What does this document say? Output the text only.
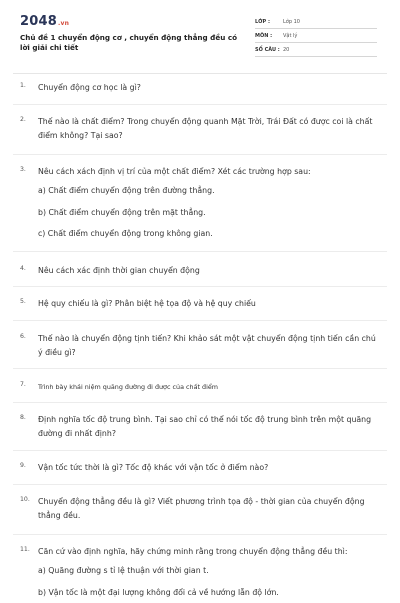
2048.vn
Chủ đề 1 chuyển động cơ , chuyển động thẳng đều có lời giải chi tiết
LỚP :	Lớp 10
MÔN : Vật lý
SỐ CÂU : 20
1. Chuyển động cơ học là gì?
2. Thế nào là chất điểm? Trong chuyển động quanh Mặt Trời, Trái Đất có được coi là chất điểm không? Tại sao?
3. Nêu cách xách định vị trí của một chất điểm? Xét các trường hợp sau:
a) Chất điểm chuyển động trên đường thẳng.
b) Chất điểm chuyển động trên mặt thẳng.
c) Chất điểm chuyển động trong không gian.
4. Nêu cách xác định thời gian chuyển động
5. Hệ quy chiếu là gì? Phân biệt hệ tọa độ và hệ quy chiếu
6. Thế nào là chuyển động tịnh tiến? Khi khảo sát một vật chuyển động tịnh tiến cần chú ý điều gì?
7. Trình bày khái niệm quãng đường đi được của chất điểm
8. Định nghĩa tốc độ trung bình. Tại sao chỉ có thể nói tốc độ trung bình trên một quãng đường đi nhất định?
9. Vận tốc tức thời là gì? Tốc độ khác với vận tốc ở điểm nào?
10. Chuyển động thẳng đều là gì? Viết phương trình tọa độ - thời gian của chuyển động thẳng đều.
11. Căn cứ vào định nghĩa, hãy chứng minh rằng trong chuyển động thẳng đều thì:
a) Quãng đường s tỉ lệ thuận với thời gian t.
b) Vận tốc là một đại lượng không đổi cả về hướng lẫn độ lớn.
